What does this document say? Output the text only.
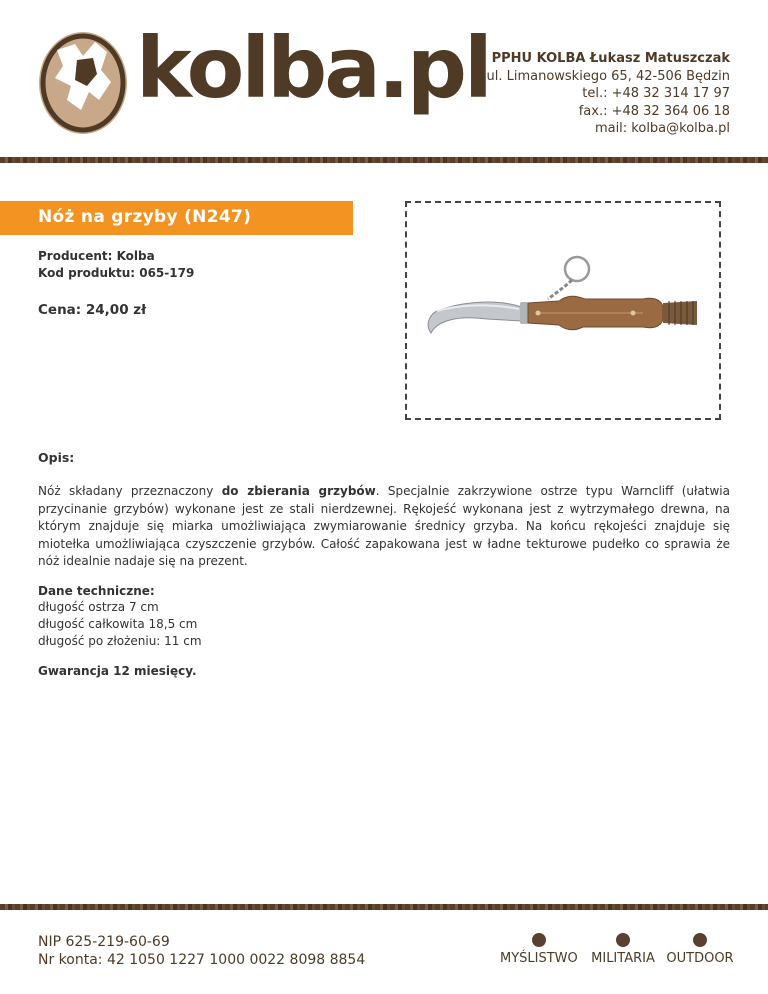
kolba.pl PPHU KOLBA Łukasz Matuszczak
ul. Limanowskiego 65, 42-506 Będzin
tel.: +48 32 314 17 97
fax.: +48 32 364 06 18
mail: kolba@kolba.pl
Nóż na grzyby (N247)
Producent: Kolba
Kod produktu: 065-179
Cena: 24,00 zł
Opis:

Nóż składany przeznaczony do zbierania grzybów. Specjalnie zakrzywione ostrze typu Warncliff (ułatwia przycinanie grzybów) wykonane jest ze stali nierdzewnej. Rękojeść wykonana jest z wytrzymałego drewna, na którym znajduje się miarka umożliwiająca zwymiarowanie średnicy grzyba. Na końcu rękojeści znajduje się miotełka umożliwiająca czyszczenie grzybów. Całość zapakowana jest w ładne tekturowe pudełko co sprawia że nóż idealnie nadaje się na prezent.

Dane techniczne:
długość ostrza 7 cm
długość całkowita 18,5 cm
długość po złożeniu: 11 cm
Gwarancja 12 miesięcy.
NIP 625-219-60-69
Nr konta: 42 1050 1227 1000 0022 8098 8854	MYŚLISTWO MILITARIA OUTDOOR
